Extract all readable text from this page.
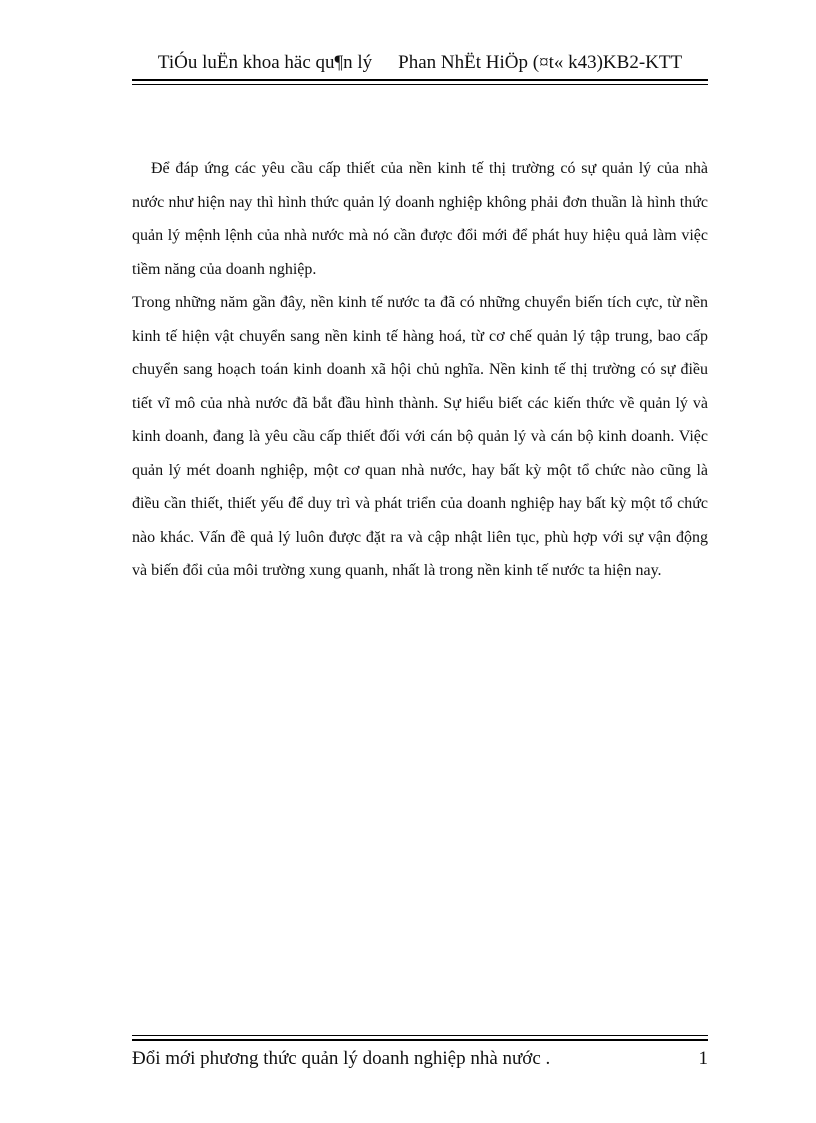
TiÓu luËn khoa häc qu¶n lý Phan NhËt HiÖp (¤t« k43)KB2-KTT

Để đáp ứng các yêu cầu cấp thiết của nền kinh tế thị trường có sự quản lý của nhà nước như hiện nay thì hình thức quản lý doanh nghiệp không phải đơn thuần là hình thức quản lý mệnh lệnh của nhà nước mà nó cần được đổi mới để phát huy hiệu quả làm việc tiềm năng của doanh nghiệp.

Trong những năm gần đây, nền kinh tế nước ta đã có những chuyển biến tích cực, từ nền kinh tế hiện vật chuyển sang nền kinh tế hàng hoá, từ cơ chế quản lý tập trung, bao cấp chuyển sang hoạch toán kinh doanh xã hội chủ nghĩa. Nền kinh tế thị trường có sự điều tiết vĩ mô của nhà nước đã bắt đầu hình thành. Sự hiểu biết các kiến thức về quản lý và kinh doanh, đang là yêu cầu cấp thiết đối với cán bộ quản lý và cán bộ kinh doanh. Việc quản lý mét doanh nghiệp, một cơ quan nhà nước, hay bất kỳ một tổ chức nào cũng là điều cần thiết, thiết yếu để duy trì và phát triển của doanh nghiệp hay bất kỳ một tổ chức nào khác. Vấn đề quả lý luôn được đặt ra và cập nhật liên tục, phù hợp với sự vận động và biến đổi của môi trường xung quanh, nhất là trong nền kinh tế nước ta hiện nay.

Đổi mới phương thức quản lý doanh nghiệp nhà nước .	1
